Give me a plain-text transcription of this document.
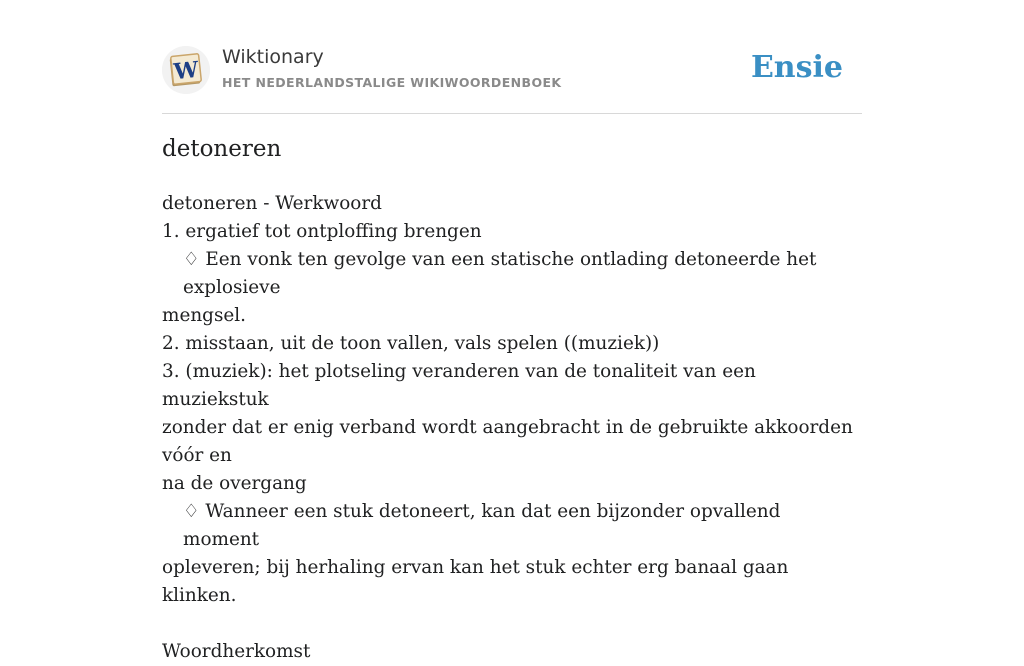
W Wiktionary
HET NEDERLANDSTALIGE WIKIWOORDENBOEK	Ensie
detoneren

detoneren - Werkwoord

1. ergatief tot ontploffing brengen

♢ Een vonk ten gevolge van een statische ontlading detoneerde het explosieve

mengsel.

2. misstaan, uit de toon vallen, vals spelen ((muziek))

3. (muziek): het plotseling veranderen van de tonaliteit van een muziekstuk

zonder dat er enig verband wordt aangebracht in de gebruikte akkoorden vóór en

na de overgang

♢ Wanneer een stuk detoneert, kan dat een bijzonder opvallend moment

opleveren; bij herhaling ervan kan het stuk echter erg banaal gaan klinken.

Woordherkomst
